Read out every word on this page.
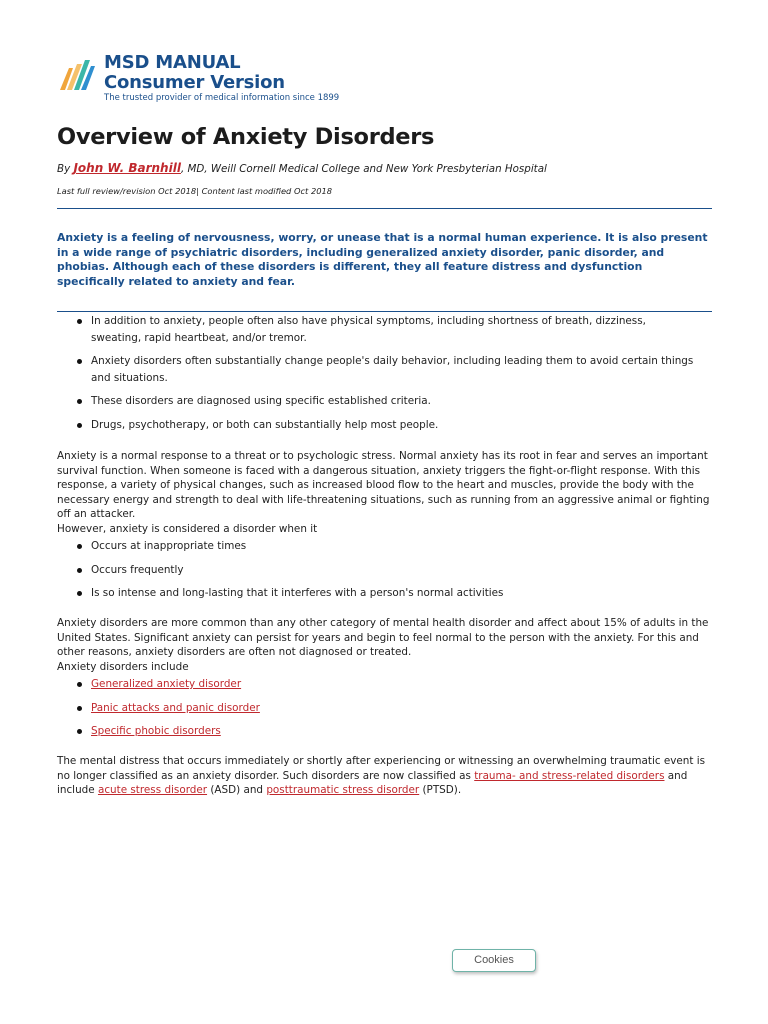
MSD MANUAL
Consumer Version
The trusted provider of medical information since 1899
Overview of Anxiety Disorders
By John W. Barnhill, MD, Weill Cornell Medical College and New York Presbyterian Hospital
Last full review/revision Oct 2018| Content last modified Oct 2018

Anxiety is a feeling of nervousness, worry, or unease that is a normal human experience. It is also present in a wide range of psychiatric disorders, including generalized anxiety disorder, panic disorder, and phobias. Although each of these disorders is different, they all feature distress and dysfunction specifically related to anxiety and fear.

In addition to anxiety, people often also have physical symptoms, including shortness of breath, dizziness, sweating, rapid heartbeat, and/or tremor.
Anxiety disorders often substantially change people's daily behavior, including leading them to avoid certain things and situations.
These disorders are diagnosed using specific established criteria.
Drugs, psychotherapy, or both can substantially help most people.

Anxiety is a normal response to a threat or to psychologic stress. Normal anxiety has its root in fear and serves an important survival function. When someone is faced with a dangerous situation, anxiety triggers the fight-or-flight response. With this response, a variety of physical changes, such as increased blood flow to the heart and muscles, provide the body with the necessary energy and strength to deal with life-threatening situations, such as running from an aggressive animal or fighting off an attacker.

However, anxiety is considered a disorder when it

Occurs at inappropriate times
Occurs frequently
Is so intense and long-lasting that it interferes with a person's normal activities

Anxiety disorders are more common than any other category of mental health disorder and affect about 15% of adults in the United States. Significant anxiety can persist for years and begin to feel normal to the person with the anxiety. For this and other reasons, anxiety disorders are often not diagnosed or treated.

Anxiety disorders include

Generalized anxiety disorder
Panic attacks and panic disorder
Specific phobic disorders

The mental distress that occurs immediately or shortly after experiencing or witnessing an overwhelming traumatic event is no longer classified as an anxiety disorder. Such disorders are now classified as trauma- and stress-related disorders and include acute stress disorder (ASD) and posttraumatic stress disorder (PTSD).

Cookies
